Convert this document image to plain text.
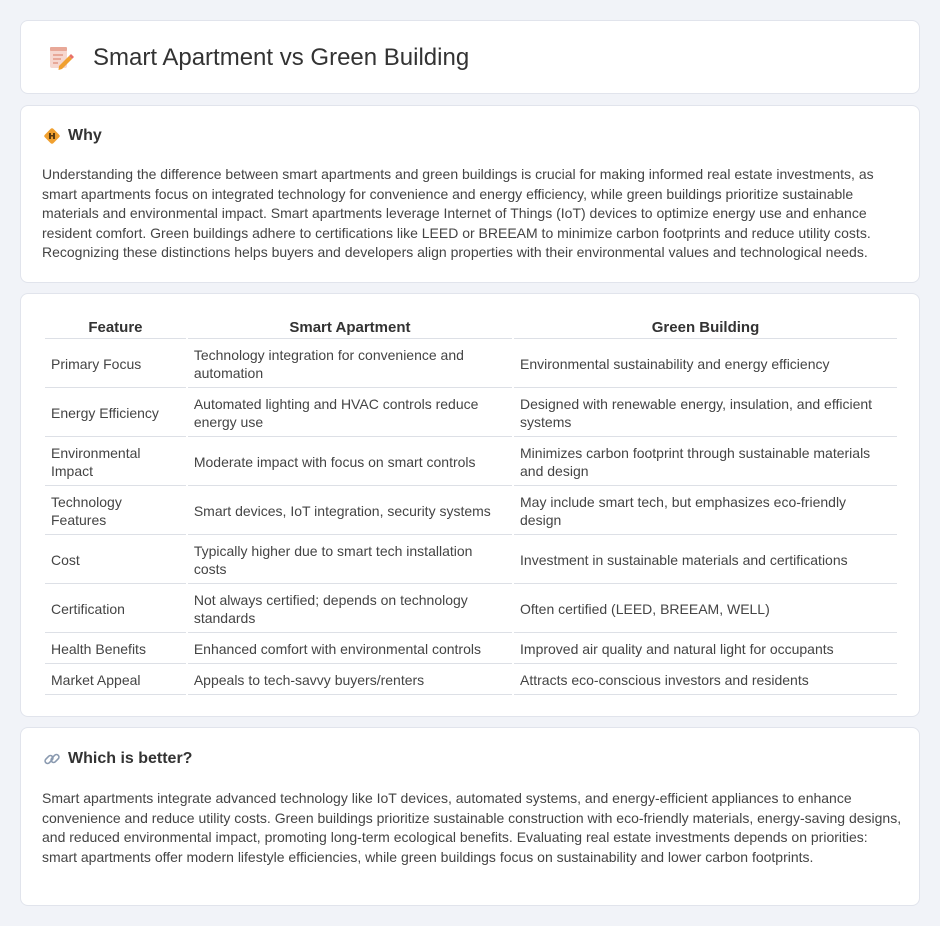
Smart Apartment vs Green Building
Why

Understanding the difference between smart apartments and green buildings is crucial for making informed real estate investments, as smart apartments focus on integrated technology for convenience and energy efficiency, while green buildings prioritize sustainable materials and environmental impact. Smart apartments leverage Internet of Things (IoT) devices to optimize energy use and enhance resident comfort. Green buildings adhere to certifications like LEED or BREEAM to minimize carbon footprints and reduce utility costs. Recognizing these distinctions helps buyers and developers align properties with their environmental values and technological needs.

Feature	Smart Apartment	Green Building
Primary Focus	Technology integration for convenience and automation	Environmental sustainability and energy efficiency
Energy Efficiency	Automated lighting and HVAC controls reduce energy use	Designed with renewable energy, insulation, and efficient systems
Environmental Impact	Moderate impact with focus on smart controls	Minimizes carbon footprint through sustainable materials and design
Technology Features	Smart devices, IoT integration, security systems	May include smart tech, but emphasizes eco-friendly design
Cost	Typically higher due to smart tech installation costs	Investment in sustainable materials and certifications
Certification	Not always certified; depends on technology standards	Often certified (LEED, BREEAM, WELL)
Health Benefits	Enhanced comfort with environmental controls	Improved air quality and natural light for occupants
Market Appeal	Appeals to tech-savvy buyers/renters	Attracts eco-conscious investors and residents
Which is better?

Smart apartments integrate advanced technology like IoT devices, automated systems, and energy-efficient appliances to enhance convenience and reduce utility costs. Green buildings prioritize sustainable construction with eco-friendly materials, energy-saving designs, and reduced environmental impact, promoting long-term ecological benefits. Evaluating real estate investments depends on priorities: smart apartments offer modern lifestyle efficiencies, while green buildings focus on sustainability and lower carbon footprints.
